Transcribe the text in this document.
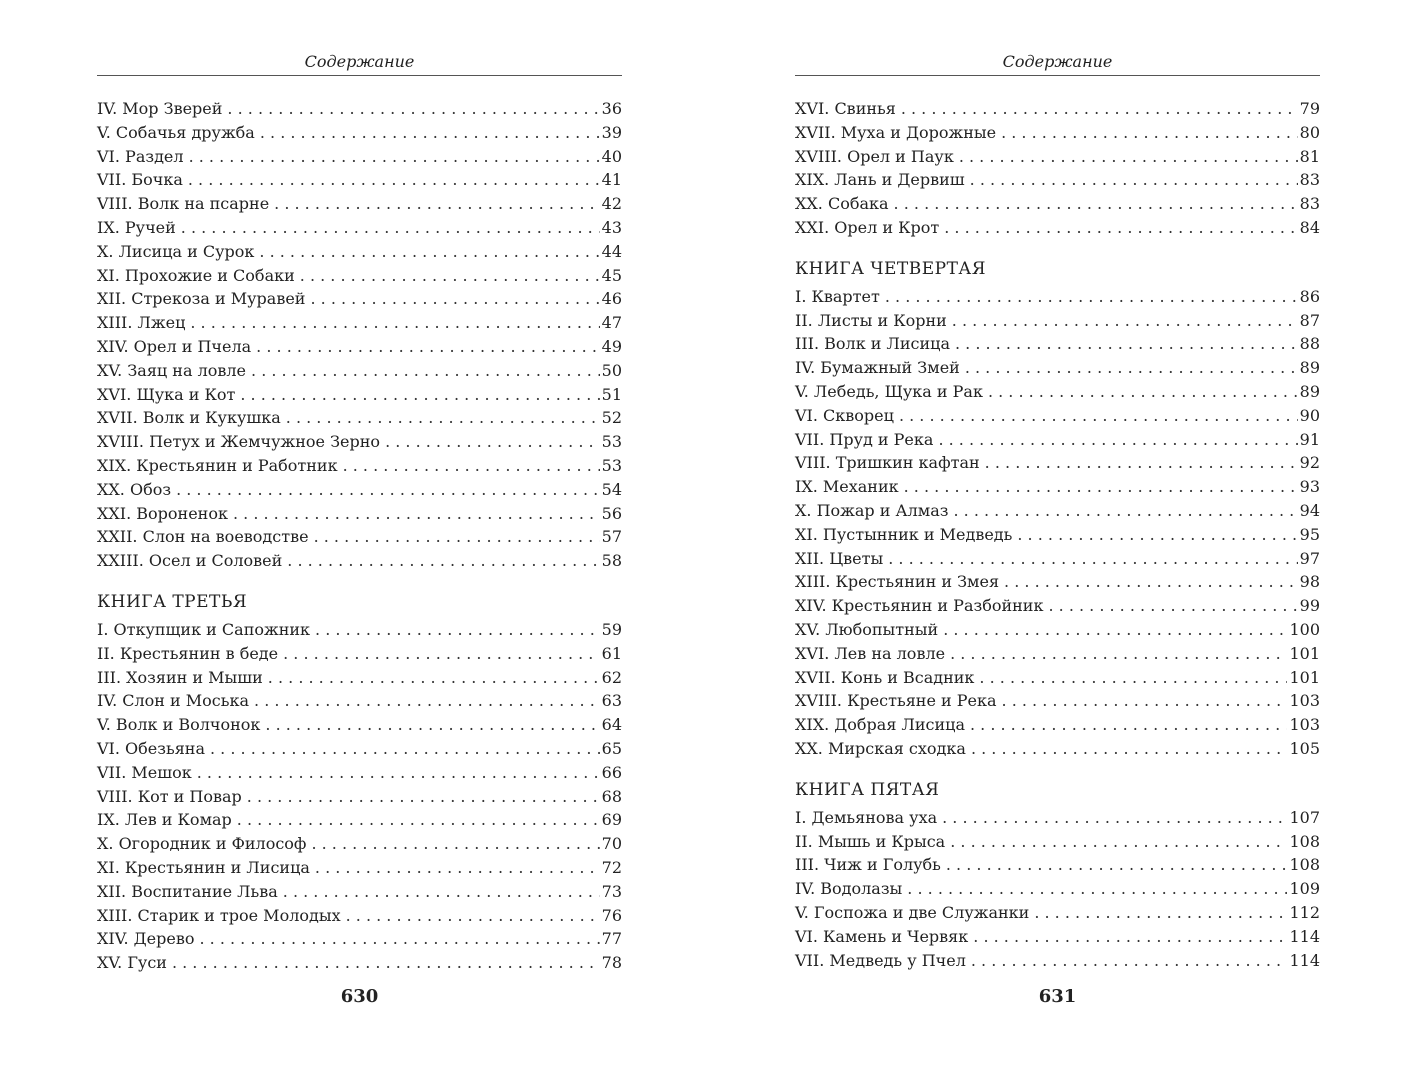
Содержание
IV. Мор Зверей . . .	36
V. Собачья дружба . . .	39
VI. Раздел . . .	40
VII. Бочка . . .	41
VIII. Волк на псарне . . .	42
IX. Ручей . . .	43
X. Лисица и Сурок . . .	44
XI. Прохожие и Собаки . . .	45
XII. Стрекоза и Муравей . . .	46
XIII. Лжец . . .	47
XIV. Орел и Пчела . . .	49
XV. Заяц на ловле . . .	50
XVI. Щука и Кот . . .	51
XVII. Волк и Кукушка . . .	52
XVIII. Петух и Жемчужное Зерно . . .	53
XIX. Крестьянин и Работник . . .	53
XX. Обоз . . .	54
XXI. Вороненок . . .	56
XXII. Слон на воеводстве . . .	57
XXIII. Осел и Соловей . . .	58
КНИГА ТРЕТЬЯ
I. Откупщик и Сапожник . . .	59
II. Крестьянин в беде . . .	61
III. Хозяин и Мыши . . .	62
IV. Слон и Моська . . .	63
V. Волк и Волчонок . . .	64
VI. Обезьяна . . .	65
VII. Мешок . . .	66
VIII. Кот и Повар . . .	68
IX. Лев и Комар . . .	69
X. Огородник и Философ . . .	70
XI. Крестьянин и Лисица . . .	72
XII. Воспитание Льва . . .	73
XIII. Старик и трое Молодых . . .	76
XIV. Дерево . . .	77
XV. Гуси . . .	78
630
Содержание
XVI. Свинья . . .	79
XVII. Муха и Дорожные . . .	80
XVIII. Орел и Паук . . .	81
XIX. Лань и Дервиш . . .	83
XX. Собака . . .	83
XXI. Орел и Крот . . .	84
КНИГА ЧЕТВЕРТАЯ
I. Квартет . . .	86
II. Листы и Корни . . .	87
III. Волк и Лисица . . .	88
IV. Бумажный Змей . . .	89
V. Лебедь, Щука и Рак . . .	89
VI. Скворец . . .	90
VII. Пруд и Река . . .	91
VIII. Тришкин кафтан . . .	92
IX. Механик . . .	93
X. Пожар и Алмаз . . .	94
XI. Пустынник и Медведь . . .	95
XII. Цветы . . .	97
XIII. Крестьянин и Змея . . .	98
XIV. Крестьянин и Разбойник . . .	99
XV. Любопытный . . .	100
XVI. Лев на ловле . . .	101
XVII. Конь и Всадник . . .	101
XVIII. Крестьяне и Река . . .	103
XIX. Добрая Лисица . . .	103
XX. Мирская сходка . . .	105
КНИГА ПЯТАЯ
I. Демьянова уха . . .	107
II. Мышь и Крыса . . .	108
III. Чиж и Голубь . . .	108
IV. Водолазы . . .	109
V. Госпожа и две Служанки . . .	112
VI. Камень и Червяк . . .	114
VII. Медведь у Пчел . . .	114
631
